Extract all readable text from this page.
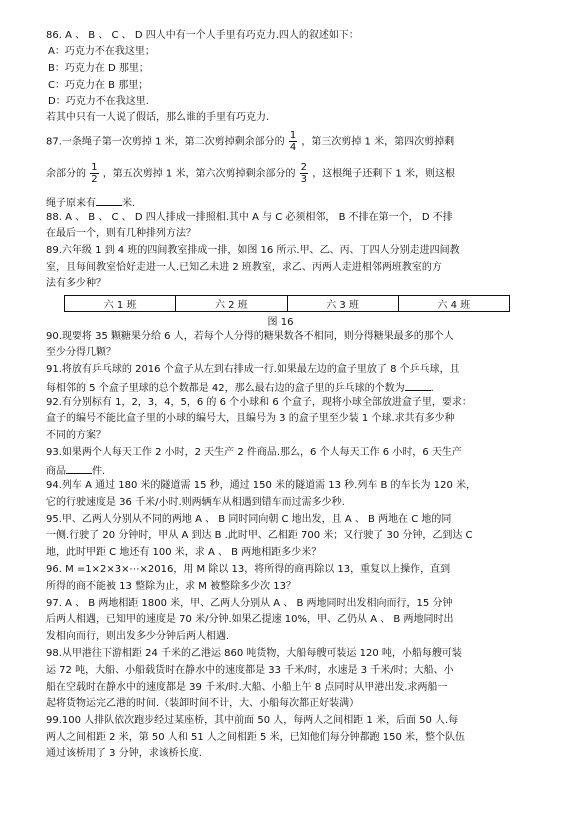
86. A 、 B 、 C 、 D 四人中有一个人手里有巧克力.四人的叙述如下：
A：巧克力不在我这里；
B：巧克力在 D 那里；
C：巧克力在 B 那里；
D：巧克力不在我这里.
若其中只有一人说了假话，那么谁的手里有巧克力.
87.一条绳子第一次剪掉 1 米，第二次剪掉剩余部分的 $\frac{1}{4}$ ，第三次剪掉 1 米，第四次剪掉剩
余部分的 $\frac{1}{2}$ ，第五次剪掉 1 米，第六次剪掉剩余部分的 $\frac{2}{3}$ ，这根绳子还剩下 1 米，则这根
绳子原来有	米.
88. A 、 B 、 C 、 D 四人排成一排照相.其中 A 与 C 必须相邻， B 不排在第一个， D 不排
在最后一个，则有几种排列方法？
89.六年级 1 到 4 班的四间教室排成一排，如图 16 所示.甲、乙、丙、丁四人分别走进四间教
室，且每间教室恰好走进一人.已知乙未进 2 班教室，求乙、丙两人走进相邻两班教室的方
法有多少种？
六 1 班	六 2 班	六 3 班	六 4 班
图 16
90.现要将 35 颗糖果分给 6 人，若每个人分得的糖果数各不相同，则分得糖果最多的那个人
至少分得几颗？
91.将放有乒乓球的 2016 个盒子从左到右排成一行.如果最左边的盒子里放了 8 个乒乓球，且
每相邻的 5 个盒子里球的总个数都是 42，那么最右边的盒子里的乒乓球的个数为	.
92.有分别标有 1，2，3，4，5，6 的 6 个小球和 6 个盒子，现将小球全部放进盒子里，要求：
盒子的编号不能比盒子里的小球的编号大，且编号为 3 的盒子里至少装 1 个球.求共有多少种
不同的方案？
93.如果两个人每天工作 2 小时，2 天生产 2 件商品.那么，6 个人每天工作 6 小时，6 天生产
商品	件.
94.列车 A 通过 180 米的隧道需 15 秒，通过 150 米的隧道需 13 秒.列车 B 的车长为 120 米，
它的行驶速度是 36 千米/小时.则两辆车从相遇到错车而过需多少秒.
95.甲、乙两人分别从不同的两地 A 、 B 同时同向朝 C 地出发，且 A 、 B 两地在 C 地的同
一侧.行驶了 20 分钟时，甲从 A 到达 B .此时甲、乙相距 700 米；又行驶了 30 分钟，乙到达 C
地，此时甲距 C 地还有 100 米，求 A 、 B 两地相距多少米？
96. M =1×2×3×⋯×2016，用 M 除以 13，将所得的商再除以 13，重复以上操作，直到
所得的商不能被 13 整除为止，求 M 被整除多少次 13？
97. A 、 B 两地相距 1800 米，甲、乙两人分别从 A 、 B 两地同时出发相向而行，15 分钟
后两人相遇，已知甲的速度是 70 米/分钟.如果乙提速 10%，甲、乙仍从 A 、 B 两地同时出
发相向而行，则出发多少分钟后两人相遇.
98.从甲港往下游相距 24 千米的乙港运 860 吨货物，大船每艘可装运 120 吨，小船每艘可装
运 72 吨，大船、小船载货时在静水中的速度都是 33 千米/时，水速是 3 千米/时；大船、小
船在空载时在静水中的速度都是 39 千米/时.大船、小船上午 8 点同时从甲港出发.求两船一
起将货物运完乙港的时间.（装卸时间不计，大、小船每次都正好装满）
99.100 人排队依次跑步经过某座桥，其中前面 50 人，每两人之间相距 1 米，后面 50 人.每
两人之间相距 2 米，第 50 人和 51 人之间相距 5 米，已知他们每分钟都跑 150 米，整个队伍
通过该桥用了 3 分钟，求该桥长度.
